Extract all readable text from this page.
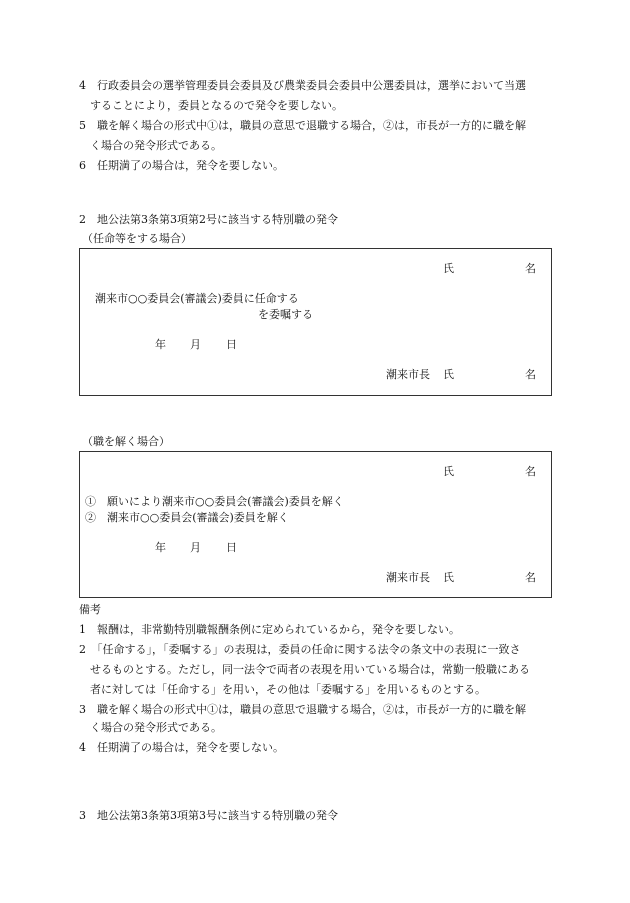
4　行政委員会の選挙管理委員会委員及び農業委員会委員中公選委員は，選挙において当選
　することにより，委員となるので発令を要しない。
5　職を解く場合の形式中①は，職員の意思で退職する場合，②は，市長が一方的に職を解
　く場合の発令形式である。
6　任期満了の場合は，発令を要しない。
2　地公法第3条第3項第2号に該当する特別職の発令
（任命等をする場合）
氏	名
潮来市○○委員会(審議会)委員に任命する
を委嘱する
年 月 日
潮来市長 氏	名
（職を解く場合）
氏	名
①　願いにより潮来市○○委員会(審議会)委員を解く
②　潮来市○○委員会(審議会)委員を解く
年 月 日
潮来市長 氏	名
備考
1　報酬は，非常勤特別職報酬条例に定められているから，発令を要しない。
2　「任命する」，「委嘱する」の表現は，委員の任命に関する法令の条文中の表現に一致さ
　せるものとする。ただし，同一法令で両者の表現を用いている場合は，常勤一般職にある
　者に対しては「任命する」を用い，その他は「委嘱する」を用いるものとする。
3　職を解く場合の形式中①は，職員の意思で退職する場合，②は，市長が一方的に職を解
　く場合の発令形式である。
4　任期満了の場合は，発令を要しない。
3　地公法第3条第3項第3号に該当する特別職の発令
